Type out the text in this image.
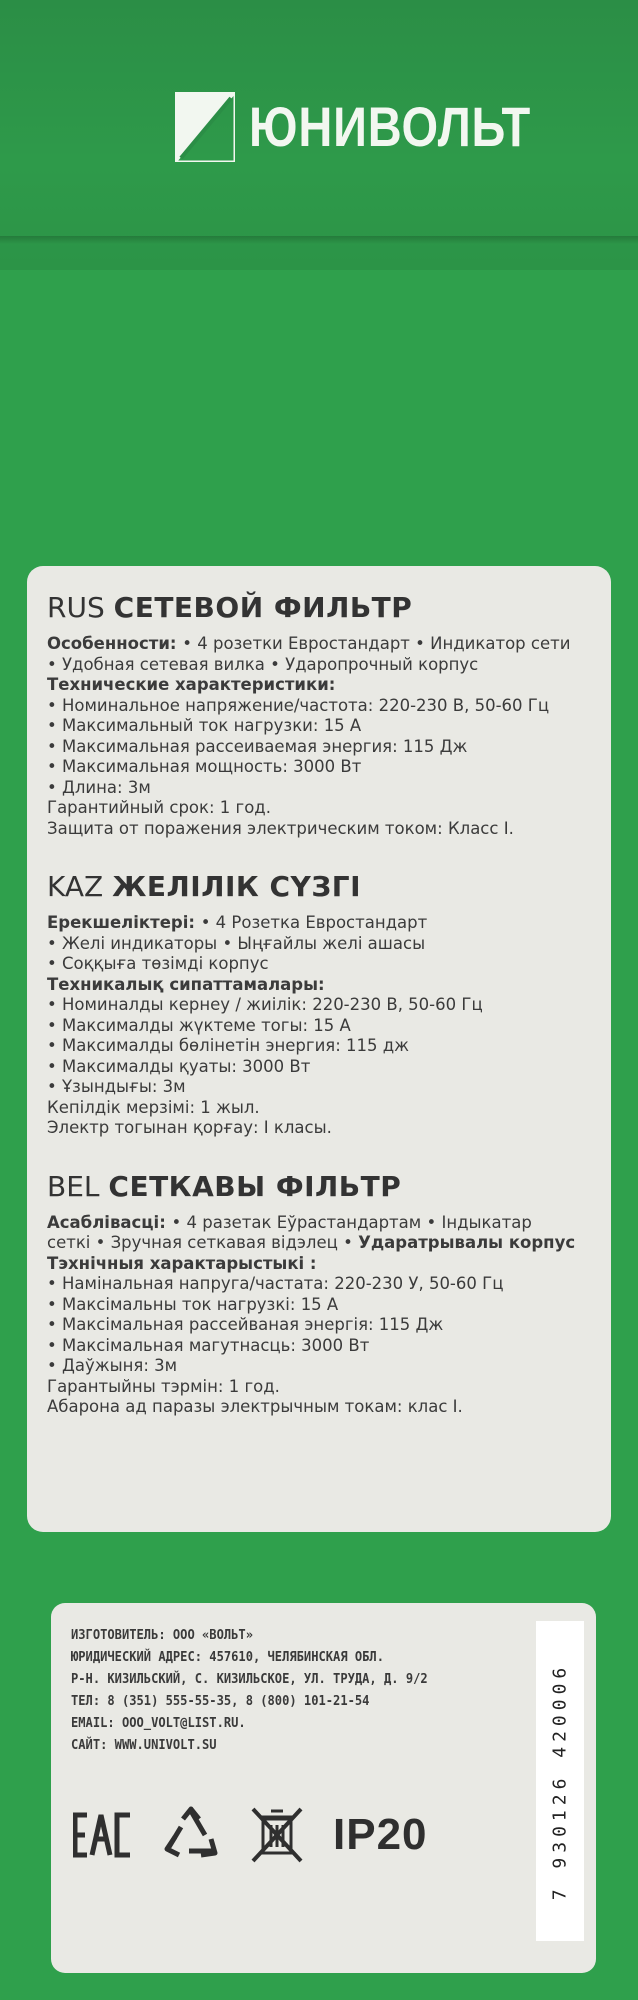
ЮНИВОЛЬТ
RUS СЕТЕВОЙ ФИЛЬТР
Особенности: • 4 розетки Евростандарт • Индикатор сети
• Удобная сетевая вилка • Ударопрочный корпус
Технические характеристики:
• Номинальное напряжение/частота: 220-230 В, 50-60 Гц
• Максимальный ток нагрузки: 15 А
• Максимальная рассеиваемая энергия: 115 Дж
• Максимальная мощность: 3000 Вт
• Длина: 3м
Гарантийный срок: 1 год.
Защита от поражения электрическим током: Класс I.
KAZ ЖЕЛІЛІК СҮЗГІ
Ерекшеліктері: • 4 Розетка Евростандарт
• Желі индикаторы • Ыңғайлы желі ашасы
• Соққыға төзімді корпус
Техникалық сипаттамалары:
• Номиналды кернеу / жиілік: 220-230 В, 50-60 Гц
• Максималды жүктеме тогы: 15 А
• Максималды бөлінетін энергия: 115 дж
• Максималды қуаты: 3000 Вт
• Ұзындығы: 3м
Кепілдік мерзімі: 1 жыл.
Электр тогынан қорғау: I класы.
BEL СЕТКАВЫ ФІЛЬТР
Асаблівасці: • 4 разетак Еўрастандартам • Індыкатар
сеткі • Зручная сеткавая відэлец • Ударатрывалы корпус
Тэхнічныя характарыстыкі :
• Намінальная напруга/частата: 220-230 У, 50-60 Гц
• Максімальны ток нагрузкі: 15 А
• Максімальная рассейваная энергія: 115 Дж
• Максімальная магутнасць: 3000 Вт
• Даўжыня: 3м
Гарантыйны тэрмін: 1 год.
Абарона ад паразы электрычным токам: клас I.
ИЗГОТОВИТЕЛЬ: ООО «ВОЛЬТ»
ЮРИДИЧЕСКИЙ АДРЕС: 457610, ЧЕЛЯБИНСКАЯ ОБЛ.
Р-Н. КИЗИЛЬСКИЙ, С. КИЗИЛЬСКОЕ, УЛ. ТРУДА, Д. 9/2
ТЕЛ: 8 (351) 555-55-35, 8 (800) 101-21-54
EMAIL: OOO_VOLT@LIST.RU.
САЙТ: WWW.UNIVOLT.SU
IP20	7 930126 420006
